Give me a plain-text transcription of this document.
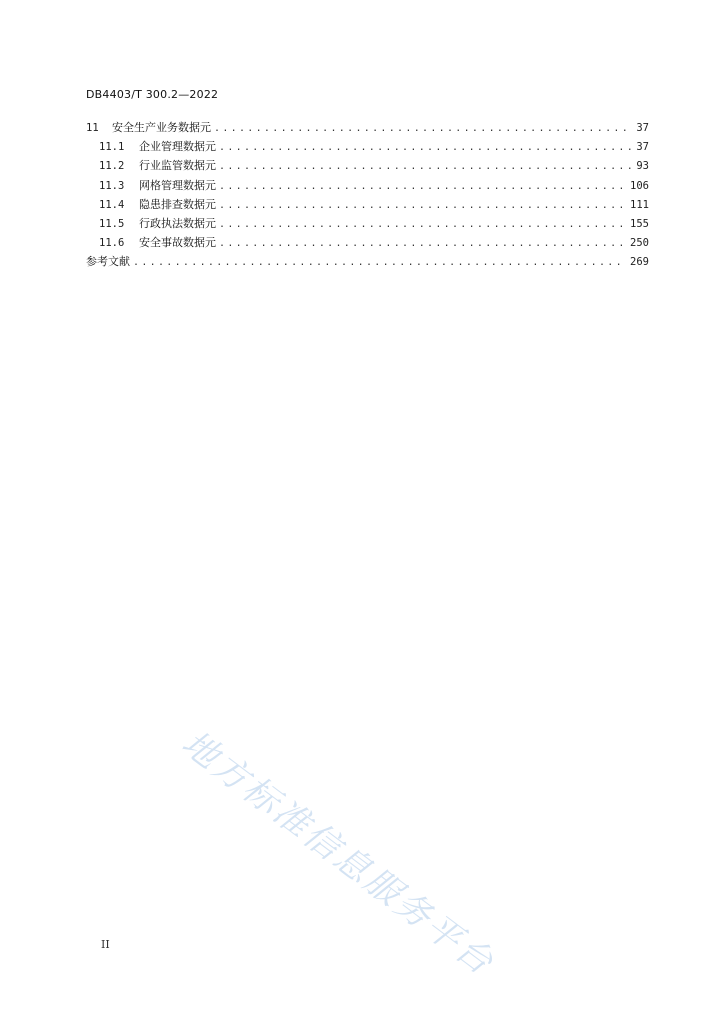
DB4403/T 300.2—2022
11	安全生产业务数据元 .....	37
11.1	企业管理数据元 .....	37
11.2	行业监管数据元 .....	93
11.3	网格管理数据元 .....	106
11.4	隐患排查数据元 .....	111
11.5	行政执法数据元 .....	155
11.6	安全事故数据元 .....	250
参考文献 .....	269
地方标准信息服务平台
II
